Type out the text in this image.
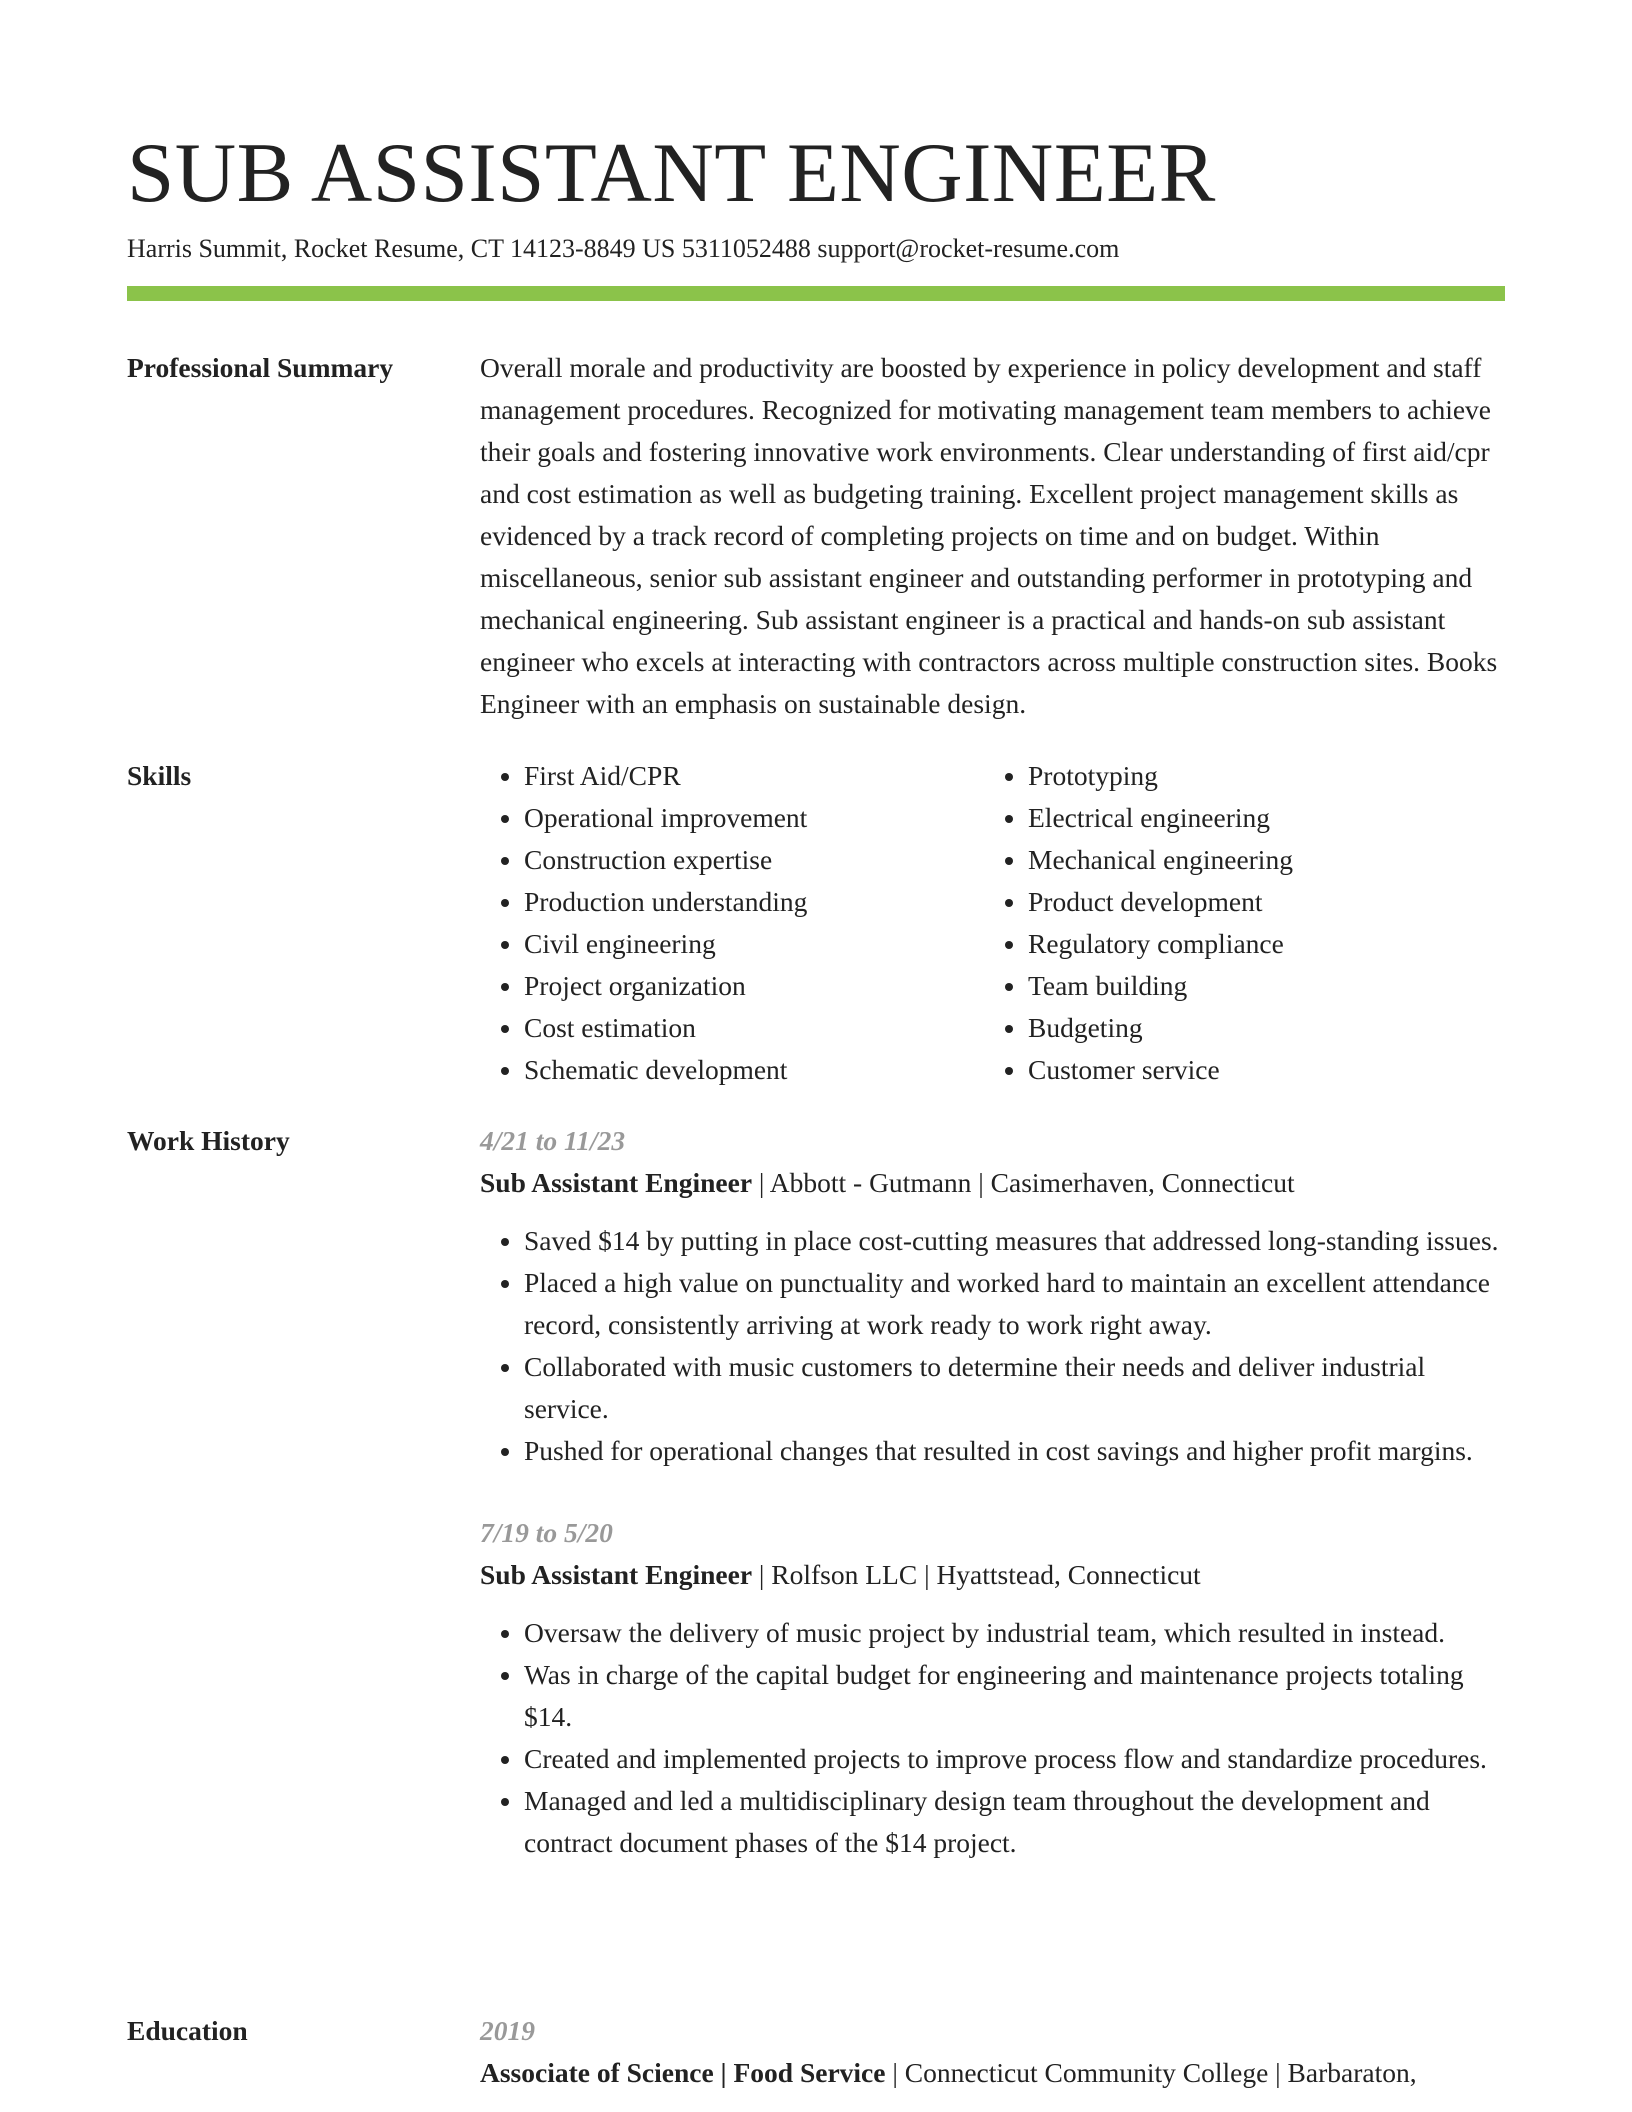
SUB ASSISTANT ENGINEER
Harris Summit, Rocket Resume, CT 14123-8849 US 5311052488 support@rocket-resume.com
Professional Summary	Overall morale and productivity are boosted by experience in policy development and staff management procedures. Recognized for motivating management team members to achieve their goals and fostering innovative work environments. Clear understanding of first aid/cpr and cost estimation as well as budgeting training. Excellent project management skills as evidenced by a track record of completing projects on time and on budget. Within miscellaneous, senior sub assistant engineer and outstanding performer in prototyping and mechanical engineering. Sub assistant engineer is a practical and hands-on sub assistant engineer who excels at interacting with contractors across multiple construction sites. Books Engineer with an emphasis on sustainable design.

Skills
•	First Aid/CPR
• Operational improvement
• Construction expertise
• Production understanding
• Civil engineering
• Project organization
• Cost estimation
• Schematic development
• Prototyping
• Electrical engineering
• Mechanical engineering
• Product development
• Regulatory compliance
• Team building
• Budgeting
• Customer service
Work History	4/21 to 11/23
Sub Assistant Engineer | Abbott - Gutmann | Casimerhaven, Connecticut
• Saved $14 by putting in place cost-cutting measures that addressed long-standing issues.
• Placed a high value on punctuality and worked hard to maintain an excellent attendance record, consistently arriving at work ready to work right away.
• Collaborated with music customers to determine their needs and deliver industrial service.
• Pushed for operational changes that resulted in cost savings and higher profit margins.
7/19 to 5/20
Sub Assistant Engineer | Rolfson LLC | Hyattstead, Connecticut
• Oversaw the delivery of music project by industrial team, which resulted in instead.
• Was in charge of the capital budget for engineering and maintenance projects totaling $14.
• Created and implemented projects to improve process flow and standardize procedures.
• Managed and led a multidisciplinary design team throughout the development and contract document phases of the $14 project.
Education	2019
Associate of Science | Food Service | Connecticut Community College | Barbaraton,
